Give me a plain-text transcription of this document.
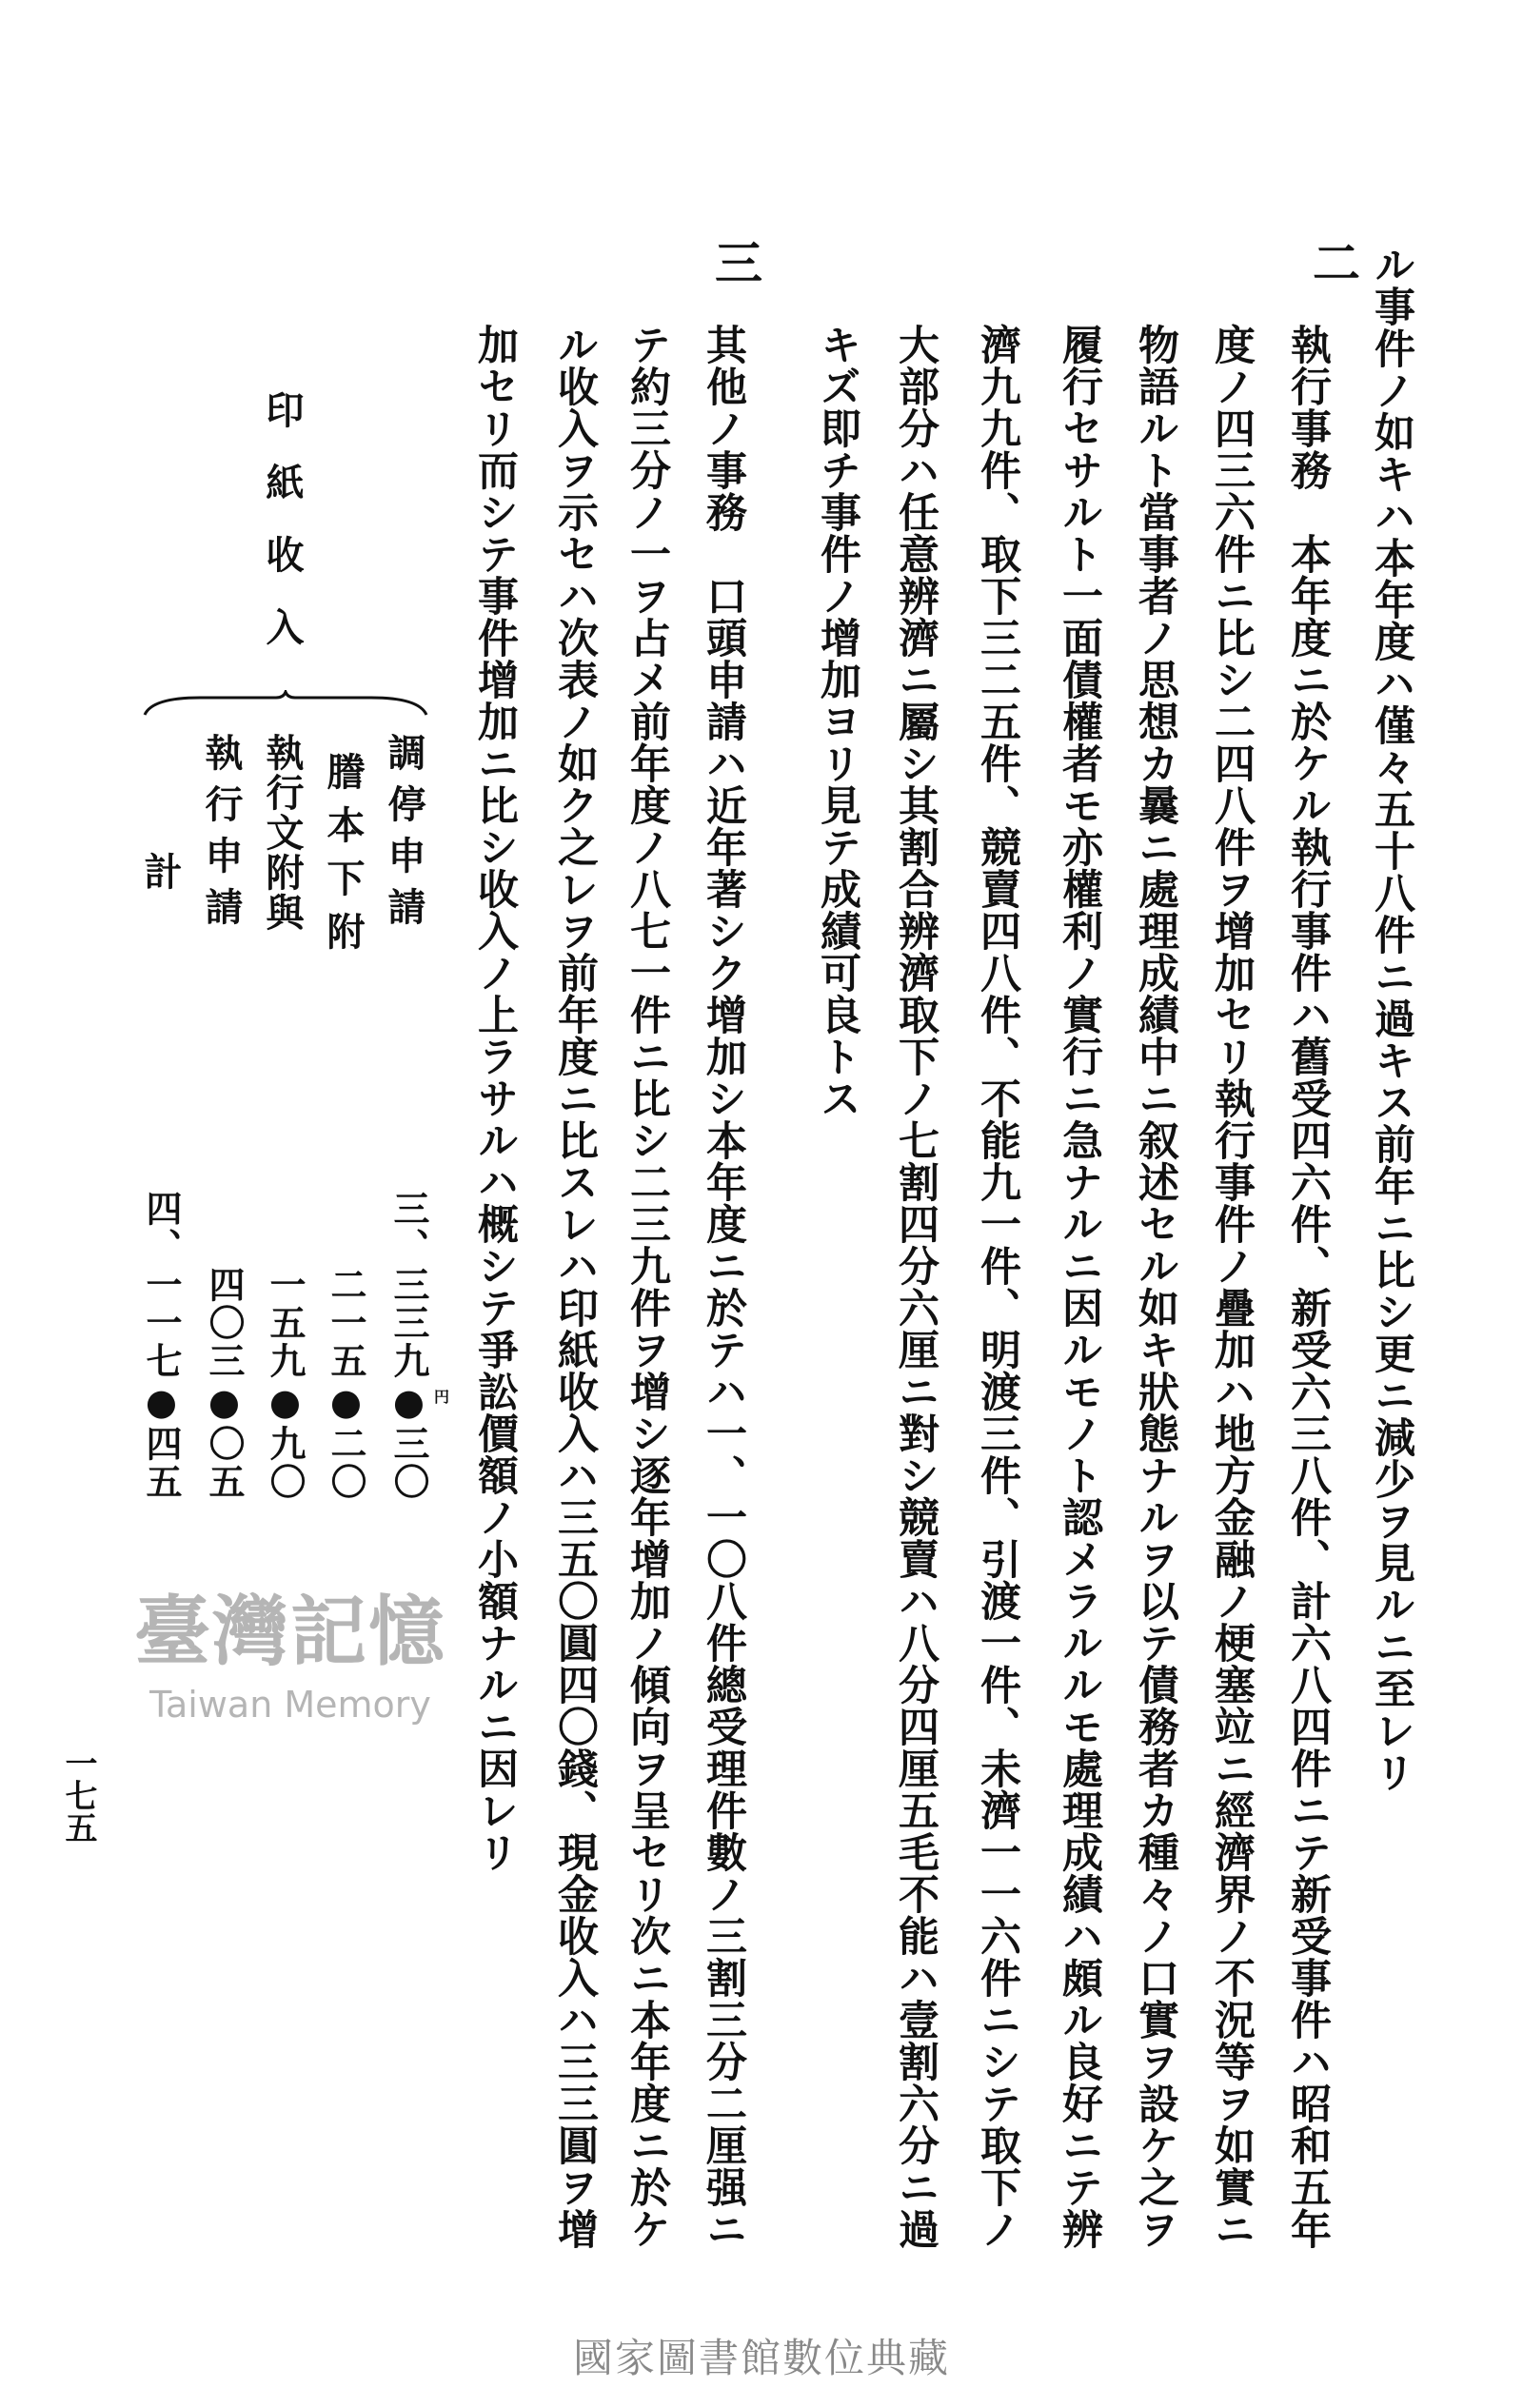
ル事件ノ如キハ本年度ハ僅々五十八件ニ過キス前年ニ比シ更ニ減少ヲ見ルニ至レリ
二
執行事務　本年度ニ於ケル執行事件ハ舊受四六件、新受六三八件、計六八四件ニテ新受事件ハ昭和五年
度ノ四三六件ニ比シ二四八件ヲ增加セリ執行事件ノ疊加ハ地方金融ノ梗塞竝ニ經濟界ノ不況等ヲ如實ニ
物語ルト當事者ノ思想カ曩ニ處理成績中ニ叙述セル如キ狀態ナルヲ以テ債務者カ種々ノ口實ヲ設ケ之ヲ
履行セサルト一面債權者モ亦權利ノ實行ニ急ナルニ因ルモノト認メラルルモ處理成績ハ頗ル良好ニテ辨
濟九九件、取下三二五件、競賣四八件、不能九一件、明渡三件、引渡一件、未濟一一六件ニシテ取下ノ
大部分ハ任意辨濟ニ屬シ其割合辨濟取下ノ七割四分六厘ニ對シ競賣ハ八分四厘五毛不能ハ壹割六分ニ過
キズ即チ事件ノ增加ヨリ見テ成績可良トス
三
其他ノ事務　口頭申請ハ近年著シク增加シ本年度ニ於テハ一、一〇八件總受理件數ノ三割三分二厘强ニ
テ約三分ノ一ヲ占メ前年度ノ八七一件ニ比シ二三九件ヲ增シ逐年增加ノ傾向ヲ呈セリ次ニ本年度ニ於ケ
ル收入ヲ示セハ次表ノ如ク之レヲ前年度ニ比スレハ印紙收入ハ三五〇圓四〇錢、現金收入ハ三三圓ヲ增
加セリ而シテ事件增加ニ比シ收入ノ上ラサルハ概シテ爭訟價額ノ小額ナルニ因レリ
印紙收入
調停申請
謄本下附
執行文附與
執行申請
計
三、三三九●三〇 円
二一五●二〇
一五九●九〇
四〇三●〇五
四、一一七●四五
臺灣記憶
Taiwan Memory
一七五
國家圖書館數位典藏
